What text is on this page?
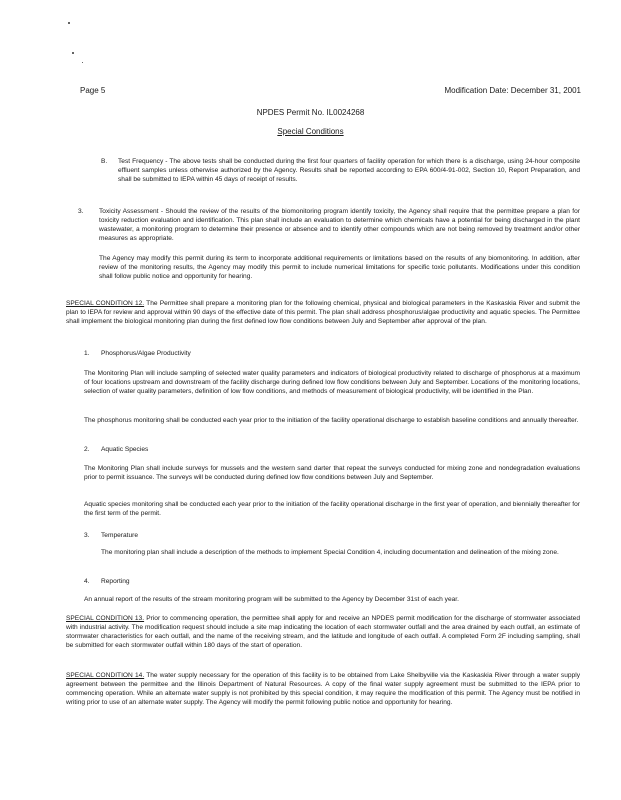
Page 5	Modification Date: December 31, 2001
NPDES Permit No. IL0024268
Special Conditions
B. Test Frequency - The above tests shall be conducted during the first four quarters of facility operation for which there is a discharge, using 24-hour composite effluent samples unless otherwise authorized by the Agency. Results shall be reported according to EPA 600/4-91-002, Section 10, Report Preparation, and shall be submitted to IEPA within 45 days of receipt of results.

3. Toxicity Assessment - Should the review of the results of the biomonitoring program identify toxicity, the Agency shall require that the permittee prepare a plan for toxicity reduction evaluation and identification. This plan shall include an evaluation to determine which chemicals have a potential for being discharged in the plant wastewater, a monitoring program to determine their presence or absence and to identify other compounds which are not being removed by treatment and/or other measures as appropriate.

The Agency may modify this permit during its term to incorporate additional requirements or limitations based on the results of any biomonitoring. In addition, after review of the monitoring results, the Agency may modify this permit to include numerical limitations for specific toxic pollutants. Modifications under this condition shall follow public notice and opportunity for hearing.

SPECIAL CONDITION 12. The Permittee shall prepare a monitoring plan for the following chemical, physical and biological parameters in the Kaskaskia River and submit the plan to IEPA for review and approval within 90 days of the effective date of this permit. The plan shall address phosphorus/algae productivity and aquatic species. The Permittee shall implement the biological monitoring plan during the first defined low flow conditions between July and September after approval of the plan.

1. Phosphorus/Algae Productivity

The Monitoring Plan will include sampling of selected water quality parameters and indicators of biological productivity related to discharge of phosphorus at a maximum of four locations upstream and downstream of the facility discharge during defined low flow conditions between July and September. Locations of the monitoring locations, selection of water quality parameters, definition of low flow conditions, and methods of measurement of biological productivity, will be identified in the Plan.

The phosphorus monitoring shall be conducted each year prior to the initiation of the facility operational discharge to establish baseline conditions and annually thereafter.

2. Aquatic Species

The Monitoring Plan shall include surveys for mussels and the western sand darter that repeat the surveys conducted for mixing zone and nondegradation evaluations prior to permit issuance. The surveys will be conducted during defined low flow conditions between July and September.

Aquatic species monitoring shall be conducted each year prior to the initiation of the facility operational discharge in the first year of operation, and biennially thereafter for the first term of the permit.

3. Temperature

The monitoring plan shall include a description of the methods to implement Special Condition 4, including documentation and delineation of the mixing zone.

4. Reporting

An annual report of the results of the stream monitoring program will be submitted to the Agency by December 31st of each year.

SPECIAL CONDITION 13. Prior to commencing operation, the permittee shall apply for and receive an NPDES permit modification for the discharge of stormwater associated with industrial activity. The modification request should include a site map indicating the location of each stormwater outfall and the area drained by each outfall, an estimate of stormwater characteristics for each outfall, and the name of the receiving stream, and the latitude and longitude of each outfall. A completed Form 2F including sampling, shall be submitted for each stormwater outfall within 180 days of the start of operation.

SPECIAL CONDITION 14. The water supply necessary for the operation of this facility is to be obtained from Lake Shelbyville via the Kaskaskia River through a water supply agreement between the permittee and the Illinois Department of Natural Resources. A copy of the final water supply agreement must be submitted to the IEPA prior to commencing operation. While an alternate water supply is not prohibited by this special condition, it may require the modification of this permit. The Agency must be notified in writing prior to use of an alternate water supply. The Agency will modify the permit following public notice and opportunity for hearing.
